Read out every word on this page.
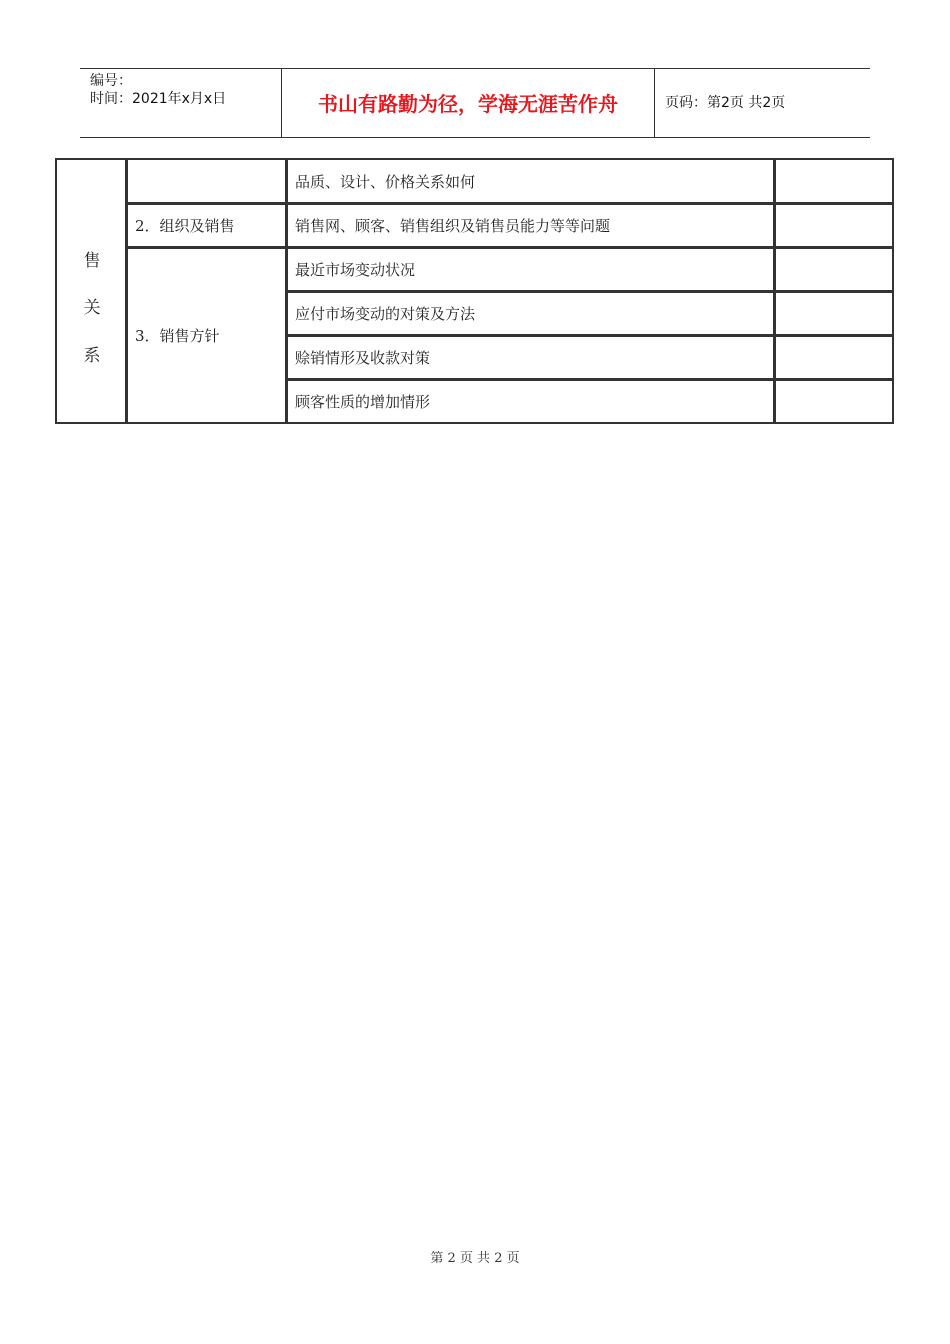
编号：
时间：2021年x月x日	书山有路勤为径，学海无涯苦作舟	页码：第2页 共2页
售
关
系
2．组织及销售
3．销售方针
品质、设计、价格关系如何
销售网、顾客、销售组织及销售员能力等等问题
最近市场变动状况
应付市场变动的对策及方法
赊销情形及收款对策
顾客性质的增加情形
第 2 页 共 2 页
